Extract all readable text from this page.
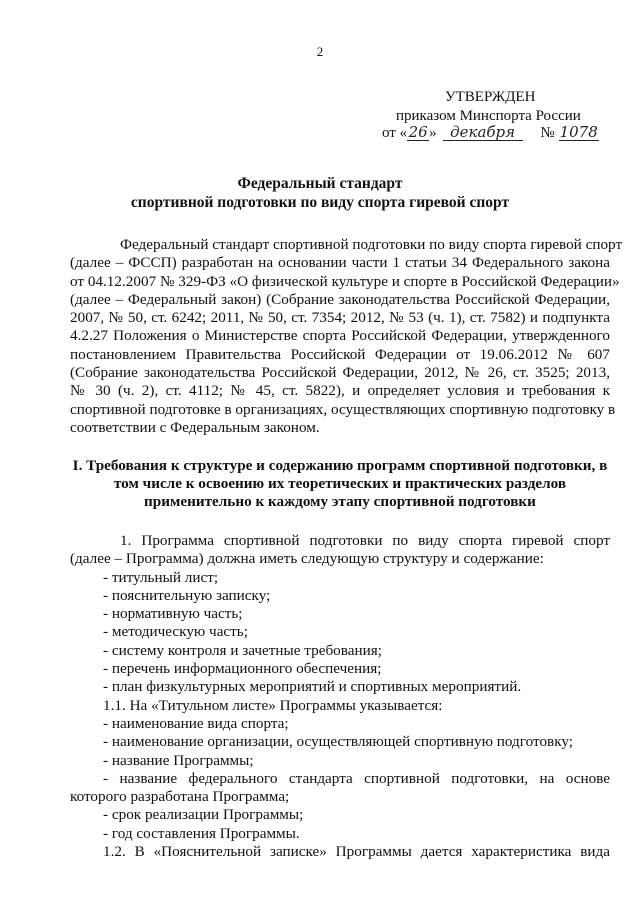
2
УТВЕРЖДЕН
приказом Минспорта России
от «26» декабря № 1078
Федеральный стандарт
спортивной подготовки по виду спорта гиревой спорт
Федеральный стандарт спортивной подготовки по виду спорта гиревой спорт
(далее – ФССП) разработан на основании части 1 статьи 34 Федерального закона
от 04.12.2007 № 329-ФЗ «О физической культуре и спорте в Российской Федерации»
(далее – Федеральный закон) (Собрание законодательства Российской Федерации,
2007, № 50, ст. 6242; 2011, № 50, ст. 7354; 2012, № 53 (ч. 1), ст. 7582) и подпункта
4.2.27 Положения о Министерстве спорта Российской Федерации, утвержденного
постановлением Правительства Российской Федерации от 19.06.2012 № 607
(Собрание законодательства Российской Федерации, 2012, № 26, ст. 3525; 2013,
№ 30 (ч. 2), ст. 4112; № 45, ст. 5822), и определяет условия и требования к
спортивной подготовке в организациях, осуществляющих спортивную подготовку в
соответствии с Федеральным законом.
I. Требования к структуре и содержанию программ спортивной подготовки, в
том числе к освоению их теоретических и практических разделов
применительно к каждому этапу спортивной подготовки
1. Программа спортивной подготовки по виду спорта гиревой спорт
(далее – Программа) должна иметь следующую структуру и содержание:
- титульный лист;
- пояснительную записку;
- нормативную часть;
- методическую часть;
- систему контроля и зачетные требования;
- перечень информационного обеспечения;
- план физкультурных мероприятий и спортивных мероприятий.
1.1. На «Титульном листе» Программы указывается:
- наименование вида спорта;
- наименование организации, осуществляющей спортивную подготовку;
- название Программы;
- название федерального стандарта спортивной подготовки, на основе
которого разработана Программа;
- срок реализации Программы;
- год составления Программы.
1.2. В «Пояснительной записке» Программы дается характеристика вида
